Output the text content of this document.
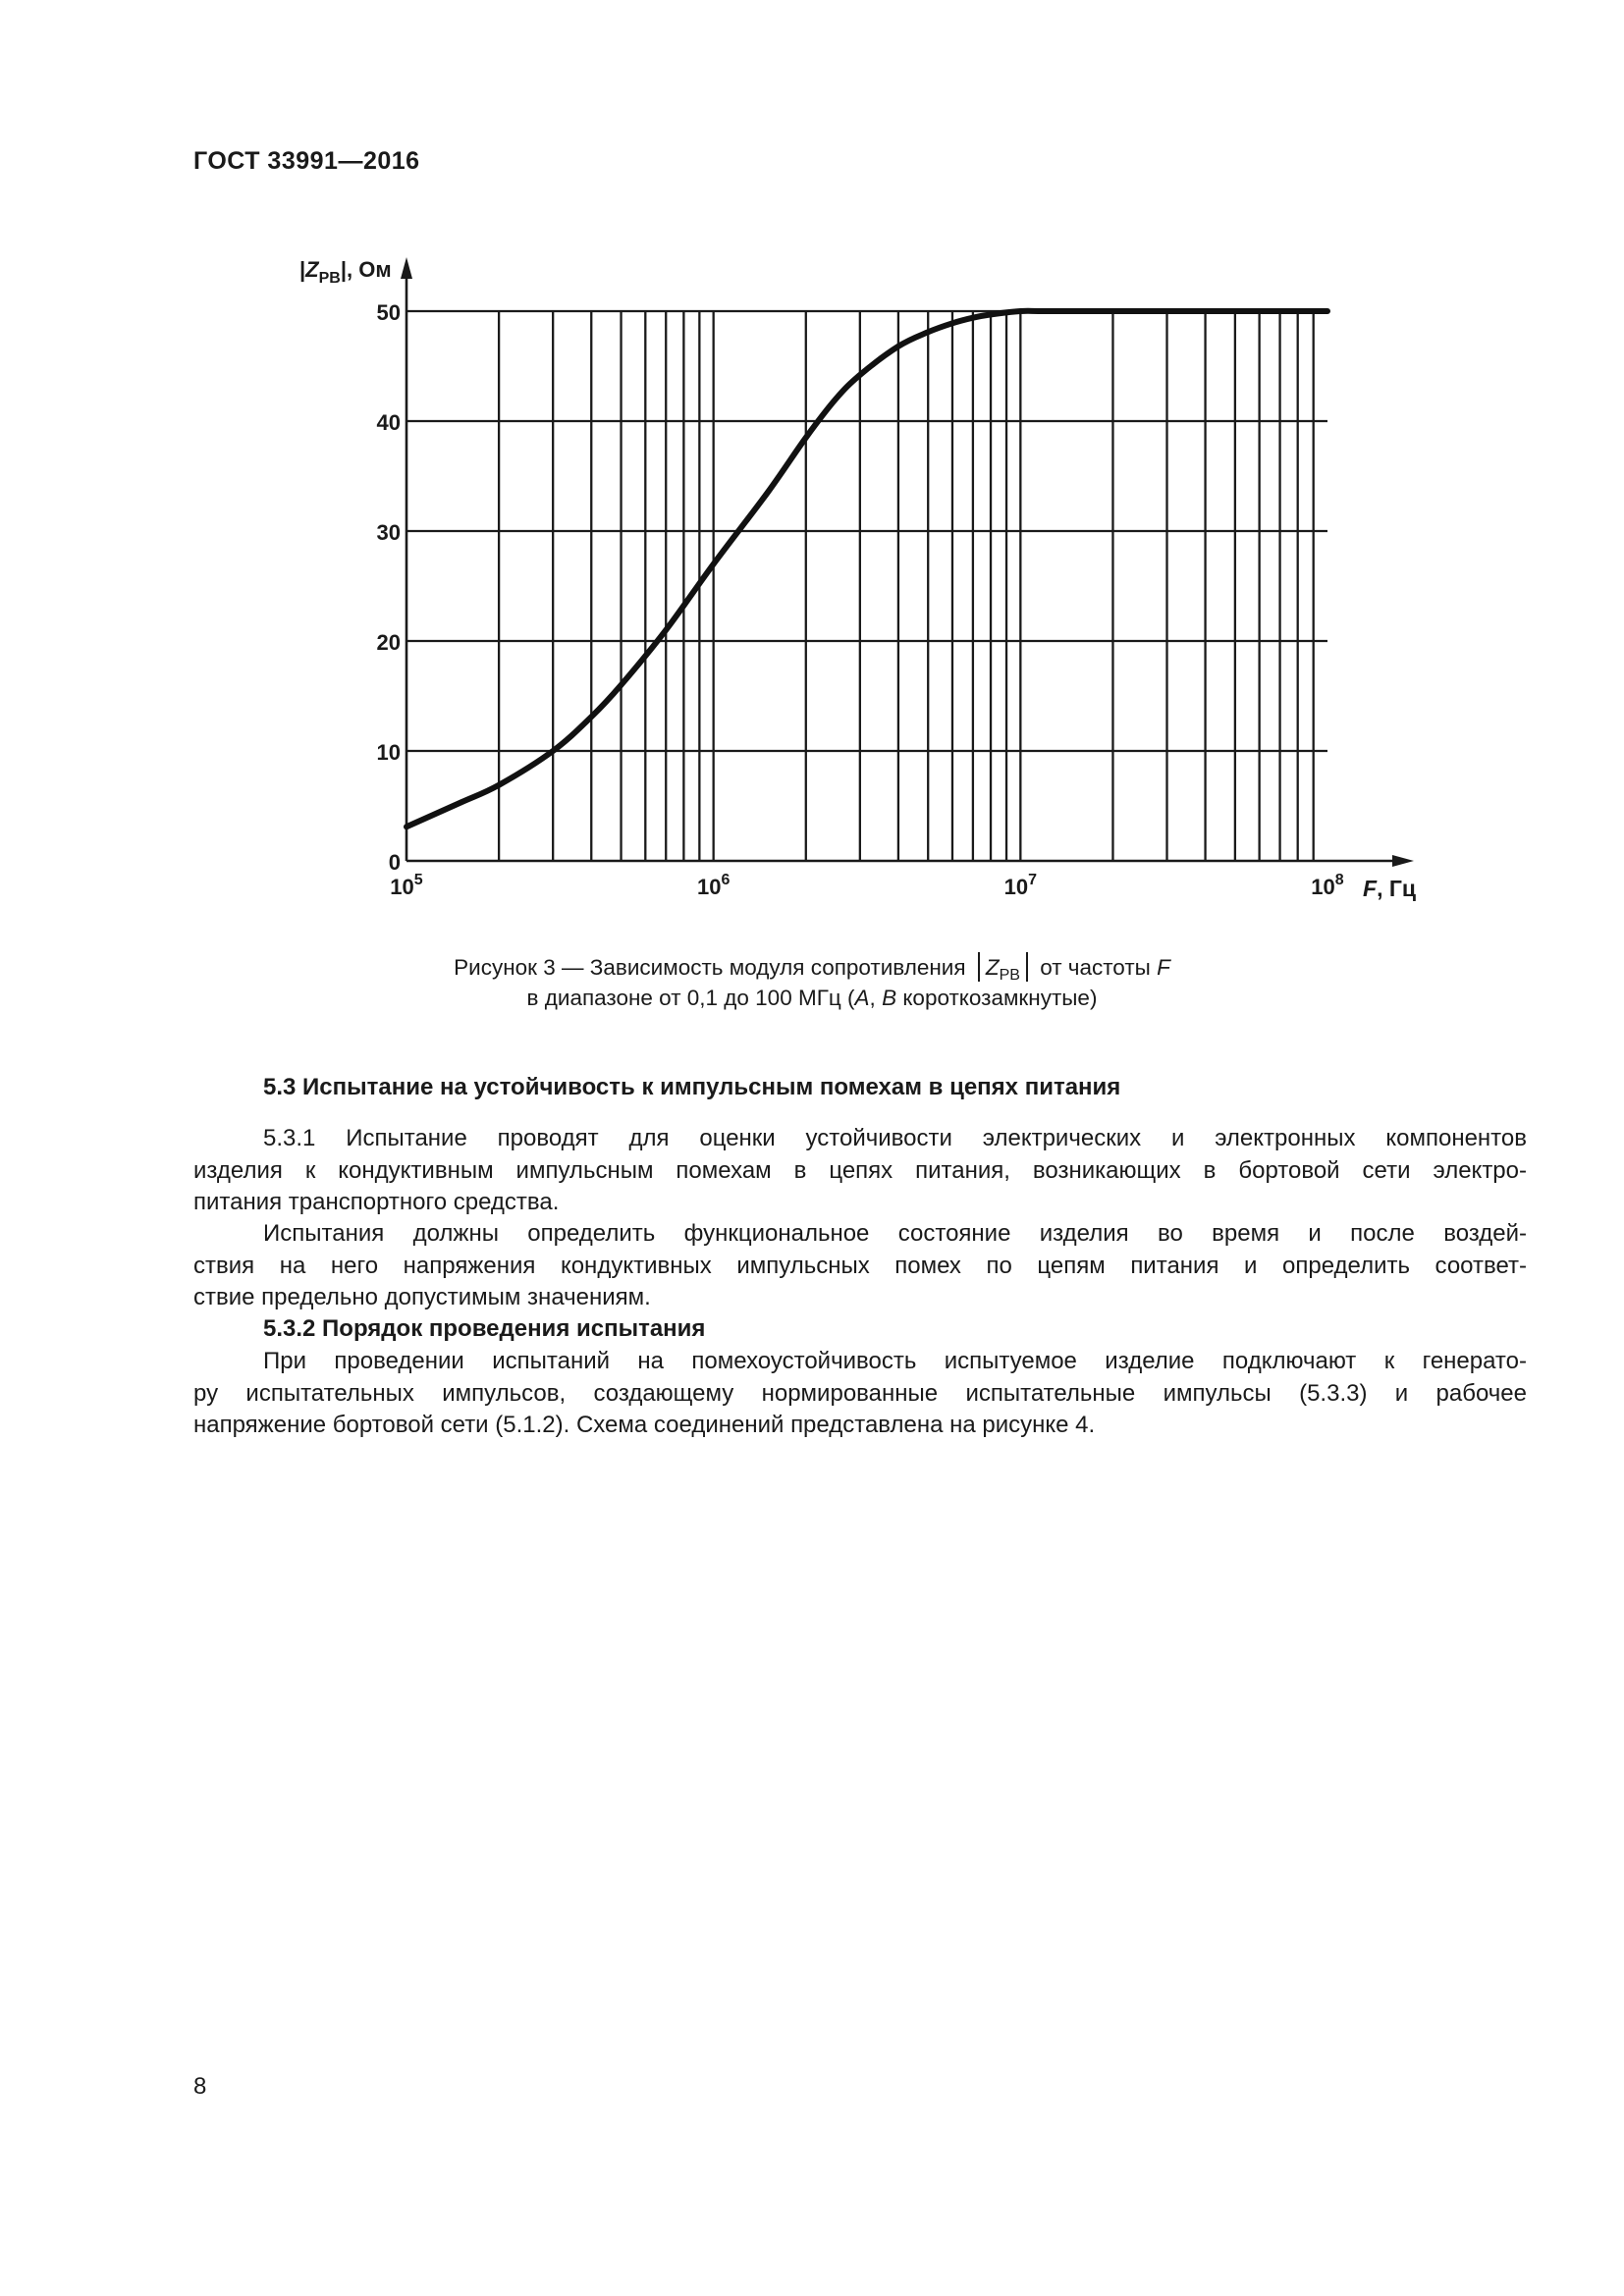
ГОСТ 33991—2016
0
10
20
30
40
50
$10^5$	$10^6$	$10^7$	$10^8$
$|Z_{PB}|$, Ом
F, Гц
Рисунок 3 — Зависимость модуля сопротивления $Z_{PB}$ от частоты F
в диапазоне от 0,1 до 100 МГц (A, B короткозамкнутые)
5.3 Испытание на устойчивость к импульсным помехам в цепях питания
5.3.1 Испытание проводят для оценки устойчивости электрических и электронных компонентов
изделия к кондуктивным импульсным помехам в цепях питания, возникающих в бортовой сети электро-
питания транспортного средства.
Испытания должны определить функциональное состояние изделия во время и после воздей-
ствия на него напряжения кондуктивных импульсных помех по цепям питания и определить соответ-
ствие предельно допустимым значениям.
5.3.2 Порядок проведения испытания
При проведении испытаний на помехоустойчивость испытуемое изделие подключают к генерато-
ру испытательных импульсов, создающему нормированные испытательные импульсы (5.3.3) и рабочее
напряжение бортовой сети (5.1.2). Схема соединений представлена на рисунке 4.
8
